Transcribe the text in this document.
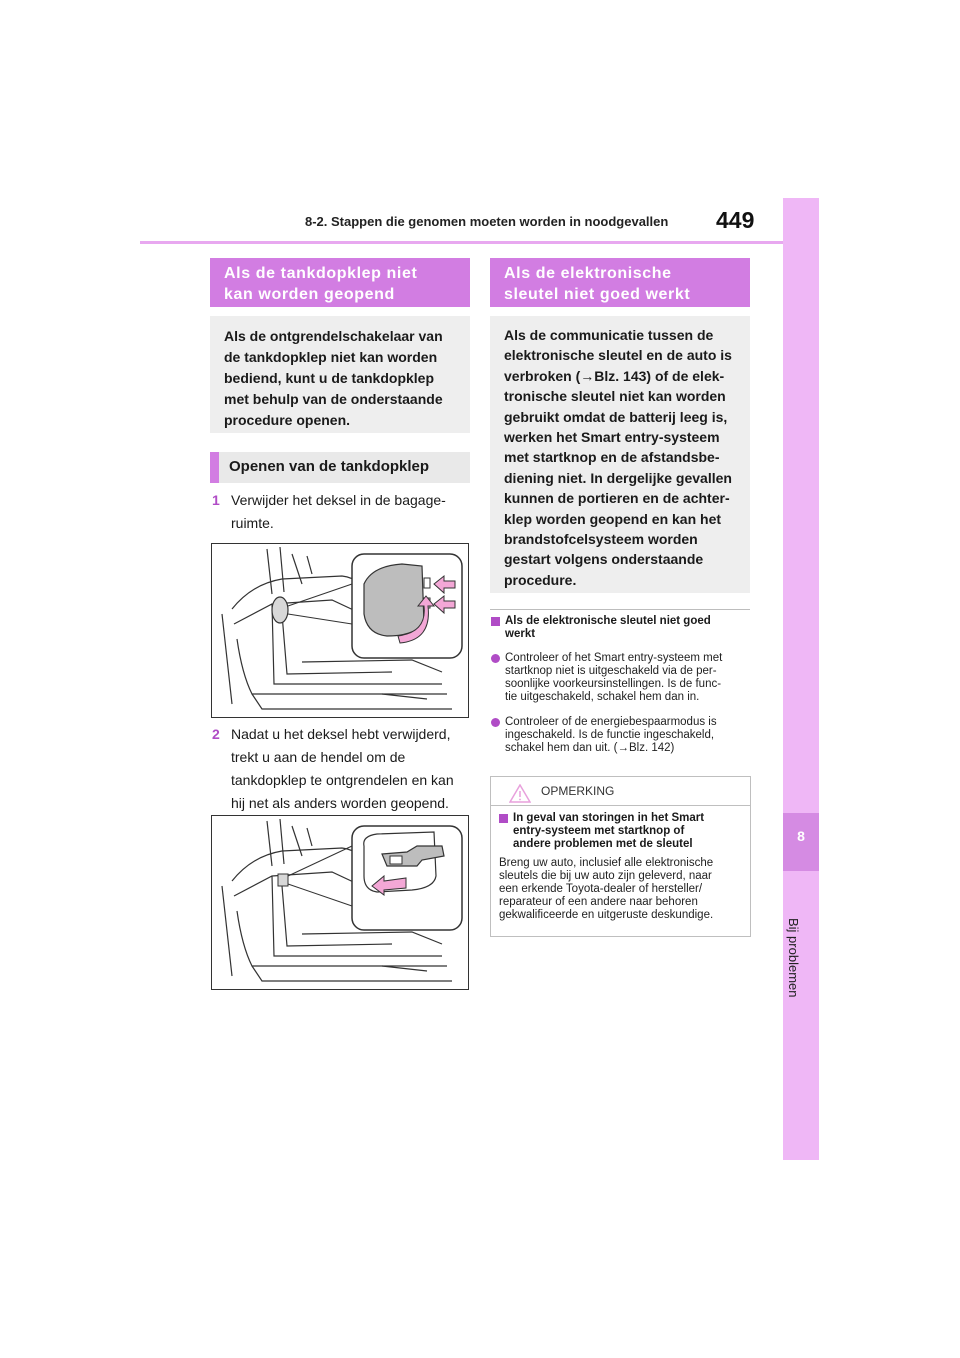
8-2. Stappen die genomen moeten worden in noodgevallen 449
8
Bij problemen
Als de tankdopklep niet
kan worden geopend
Als de ontgrendelschakelaar van
de tankdopklep niet kan worden
bediend, kunt u de tankdopklep
met behulp van de onderstaande
procedure openen.
Openen van de tankdopklep
1 Verwijder het deksel in de bagage-
ruimte.
2 Nadat u het deksel hebt verwijderd,
trekt u aan de hendel om de
tankdopklep te ontgrendelen en kan
hij net als anders worden geopend.
Als de elektronische
sleutel niet goed werkt
Als de communicatie tussen de
elektronische sleutel en de auto is
verbroken (→Blz. 143) of de elek-
tronische sleutel niet kan worden
gebruikt omdat de batterij leeg is,
werken het Smart entry-systeem
met startknop en de afstandsbe-
diening niet. In dergelijke gevallen
kunnen de portieren en de achter-
klep worden geopend en kan het
brandstofcelsysteem worden
gestart volgens onderstaande
procedure.
Als de elektronische sleutel niet goed
werkt
Controleer of het Smart entry-systeem met
startknop niet is uitgeschakeld via de per-
soonlijke voorkeursinstellingen. Is de func-
tie uitgeschakeld, schakel hem dan in.
Controleer of de energiebespaarmodus is
ingeschakeld. Is de functie ingeschakeld,
schakel hem dan uit. (→Blz. 142)
OPMERKING
In geval van storingen in het Smart
entry-systeem met startknop of
andere problemen met de sleutel
Breng uw auto, inclusief alle elektronische
sleutels die bij uw auto zijn geleverd, naar
een erkende Toyota-dealer of hersteller/
reparateur of een andere naar behoren
gekwalificeerde en uitgeruste deskundige.
